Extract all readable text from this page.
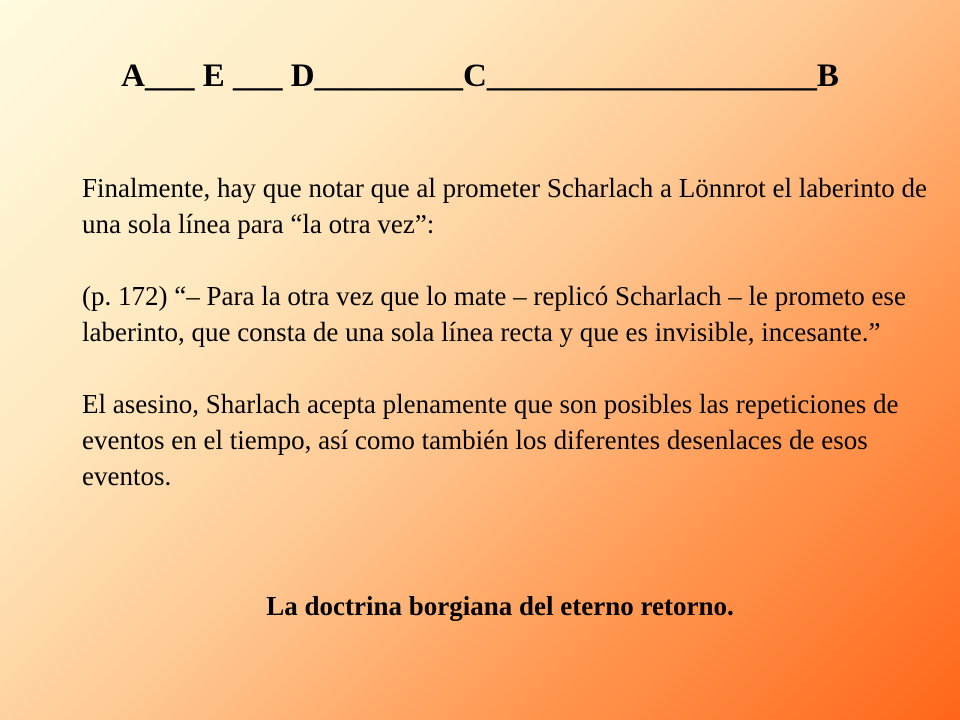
A___ E ___ D_________C____________________B

Finalmente, hay que notar que al prometer Scharlach a Lönnrot el laberinto de una sola línea para “la otra vez”:

(p. 172) “– Para la otra vez que lo mate – replicó Scharlach – le prometo ese laberinto, que consta de una sola línea recta y que es invisible, incesante.”

El asesino, Sharlach acepta plenamente que son posibles las repeticiones de eventos en el tiempo, así como también los diferentes desenlaces de esos eventos.

La doctrina borgiana del eterno retorno.
